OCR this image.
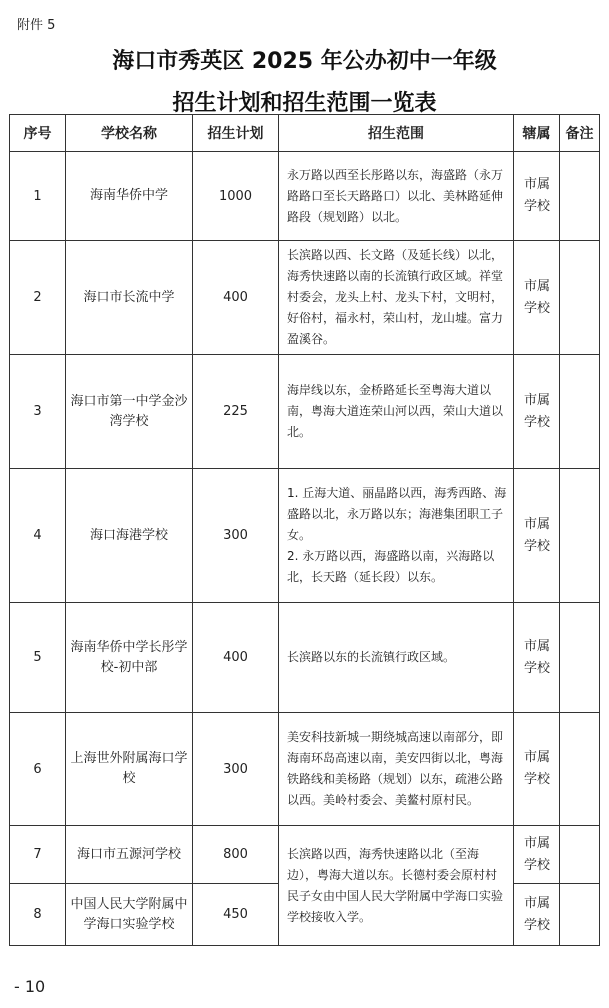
附件 5
海口市秀英区 2025 年公办初中一年级
招生计划和招生范围一览表
序号	学校名称	招生计划	招生范围	辖属	备注
1	海南华侨中学	1000	永万路以西至长彤路以东，海盛路（永万路路口至长天路路口）以北、美林路延伸路段（规划路）以北。	市属学校	
2	海口市长流中学	400	长滨路以西、长文路（及延长线）以北，海秀快速路以南的长流镇行政区域。祥堂村委会，龙头上村、龙头下村，文明村，好俗村，福永村，荣山村，龙山墟。富力盈溪谷。	市属学校	
3	海口市第一中学金沙湾学校	225	海岸线以东，金桥路延长至粤海大道以南，粤海大道连荣山河以西，荣山大道以北。	市属学校	
4	海口海港学校	300	1. 丘海大道、丽晶路以西，海秀西路、海盛路以北，永万路以东；海港集团职工子女。
2. 永万路以西，海盛路以南，兴海路以北，长天路（延长段）以东。	市属学校	
5	海南华侨中学长彤学校-初中部	400	长滨路以东的长流镇行政区域。	市属学校	
6	上海世外附属海口学校	300	美安科技新城一期绕城高速以南部分，即海南环岛高速以南，美安四街以北，粤海铁路线和美杨路（规划）以东，疏港公路以西。美岭村委会、美鳌村原村民。	市属学校	
7	海口市五源河学校	800	长滨路以西，海秀快速路以北（至海边），粤海大道以东。长德村委会原村村民子女由中国人民大学附属中学海口实验学校接收入学。	市属学校	
8	中国人民大学附属中学海口实验学校	450		市属学校	
- 10
